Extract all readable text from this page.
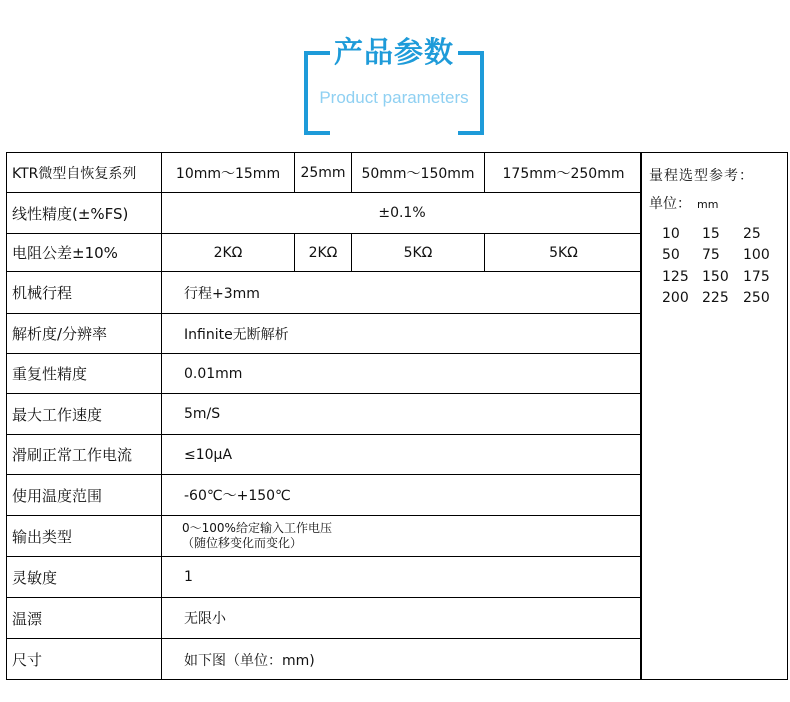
产品参数
Product parameters
KTR微型自恢复系列	10mm～15mm	25mm	50mm～150mm	175mm～250mm
线性精度(±%FS)	±0.1%
电阻公差±10%	2KΩ	2KΩ	5KΩ	5KΩ
机械行程	行程+3mm
解析度/分辨率	Infinite无断解析
重复性精度	0.01mm
最大工作速度	5m/S
滑刷正常工作电流	≤10μA
使用温度范围	-60℃～+150℃
输出类型	0～100%给定输入工作电压
（随位移变化而变化）
灵敏度	1
温漂	无限小
尺寸	如下图（单位：mm)
量程选型参考：
单位： mm
10	15	25
50	75	100
125 150	175
200 225	250
